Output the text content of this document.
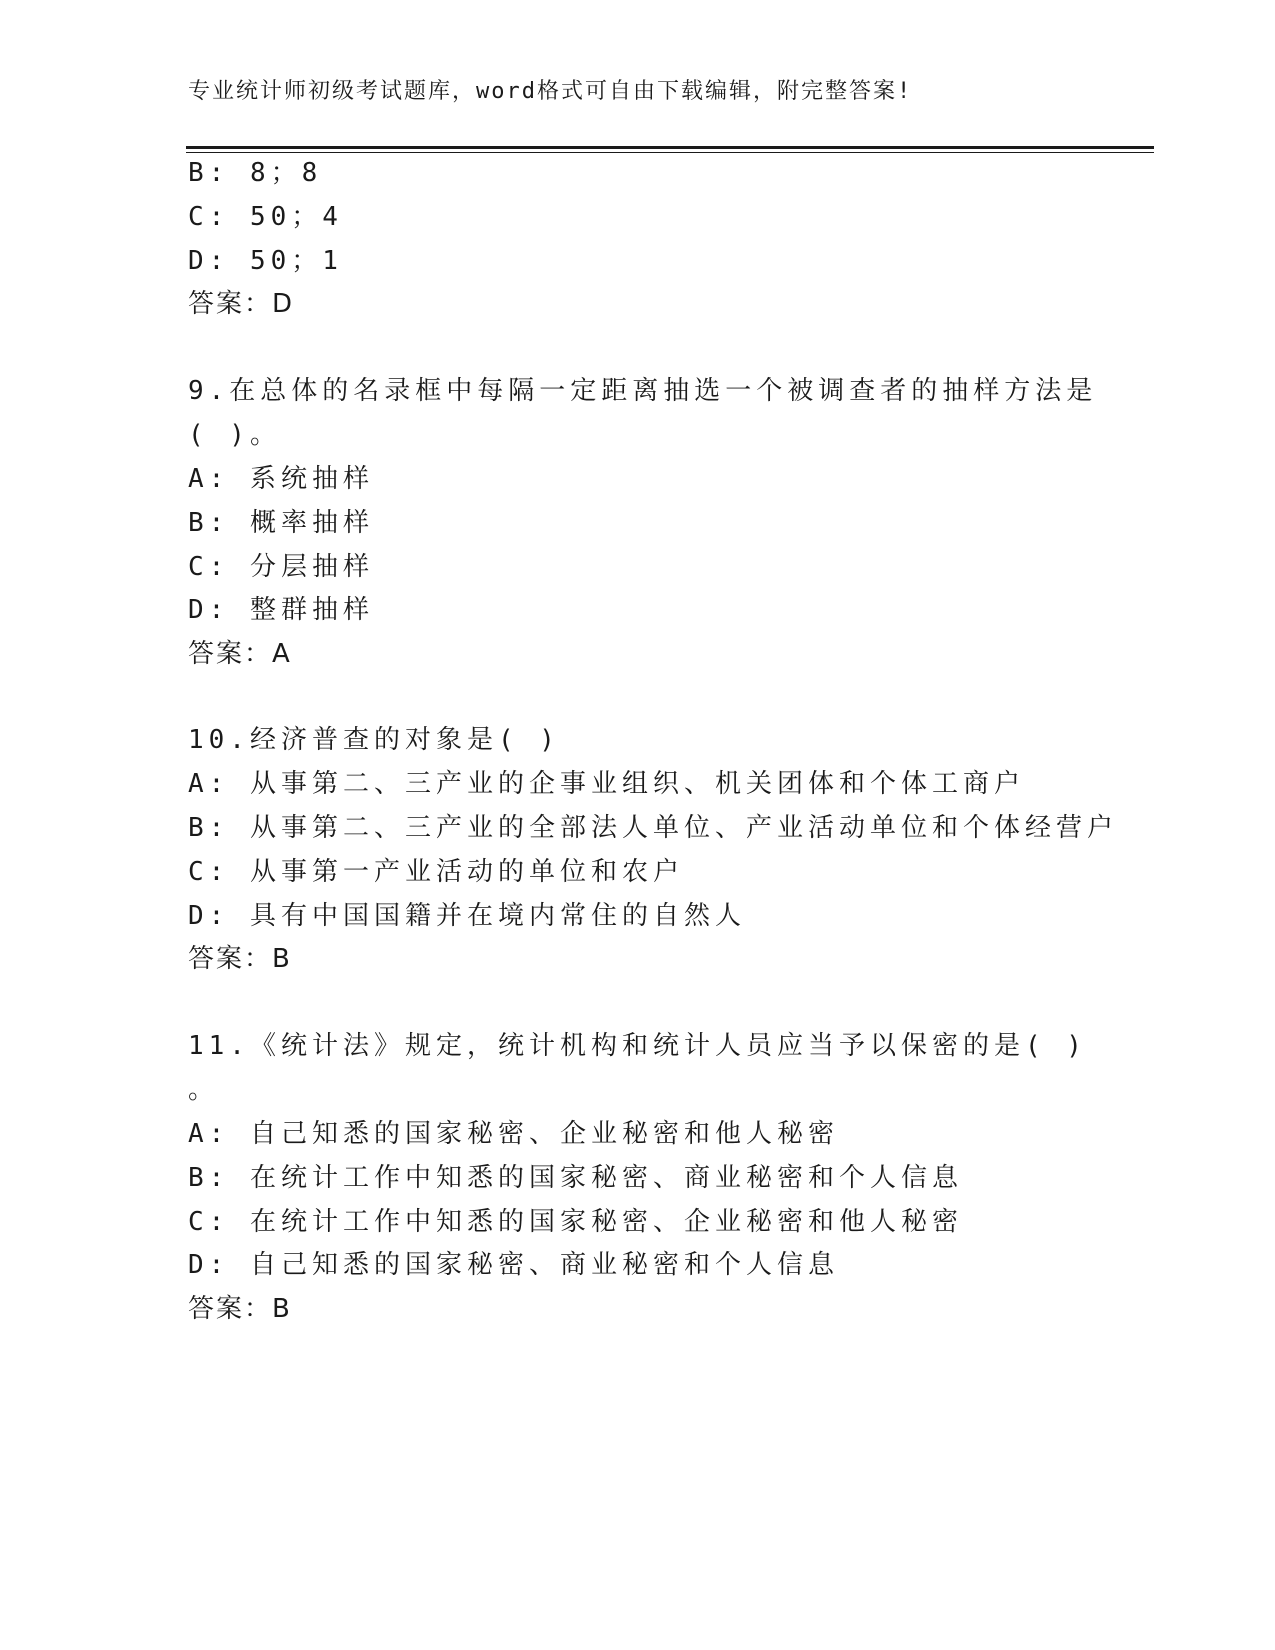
专业统计师初级考试题库，word格式可自由下载编辑，附完整答案!
B: 8；8
C: 50；4
D: 50；1
答案：D
9.在总体的名录框中每隔一定距离抽选一个被调查者的抽样方法是
( )。
A: 系统抽样
B: 概率抽样
C: 分层抽样
D: 整群抽样
答案：A
10.经济普查的对象是( )
A: 从事第二、三产业的企事业组织、机关团体和个体工商户
B: 从事第二、三产业的全部法人单位、产业活动单位和个体经营户
C: 从事第一产业活动的单位和农户
D: 具有中国国籍并在境内常住的自然人
答案：B
11.《统计法》规定，统计机构和统计人员应当予以保密的是( )
。
A: 自己知悉的国家秘密、企业秘密和他人秘密
B: 在统计工作中知悉的国家秘密、商业秘密和个人信息
C: 在统计工作中知悉的国家秘密、企业秘密和他人秘密
D: 自己知悉的国家秘密、商业秘密和个人信息
答案：B
